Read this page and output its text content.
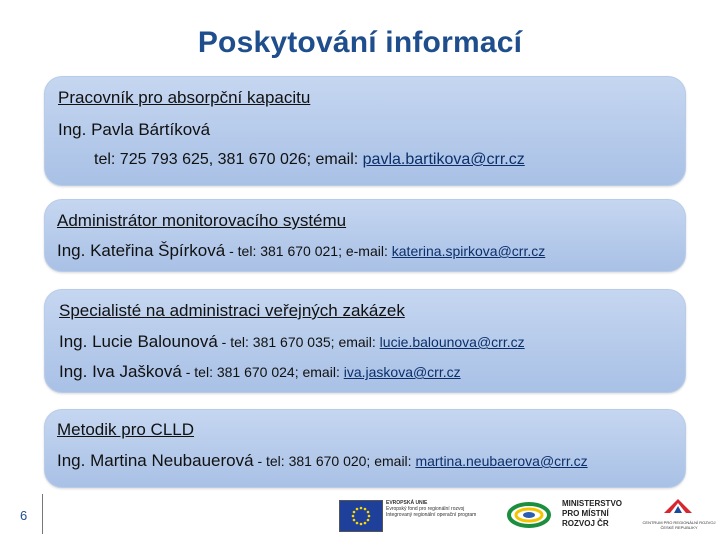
Poskytování informací
Pracovník pro absorpční kapacitu
Ing. Pavla Bártíková
tel: 725 793 625, 381 670 026; email: pavla.bartikova@crr.cz
Administrátor monitorovacího systému
Ing. Kateřina Špírková - tel: 381 670 021; e-mail: katerina.spirkova@crr.cz
Specialisté na administraci veřejných zakázek
Ing. Lucie Balounová - tel: 381 670 035; email: lucie.balounova@crr.cz
Ing. Iva Jašková - tel: 381 670 024; email: iva.jaskova@crr.cz
Metodik pro CLLD
Ing. Martina Neubauerová - tel: 381 670 020; email: martina.neubaerova@crr.cz
6
EVROPSKÁ UNIE
Evropský fond pro regionální rozvoj
Integrovaný regionální operační program
MINISTERSTVO
PRO MÍSTNÍ
ROZVOJ ČR	CENTRUM PRO REGIONÁLNÍ ROZVOJ
ČESKÉ REPUBLIKY
